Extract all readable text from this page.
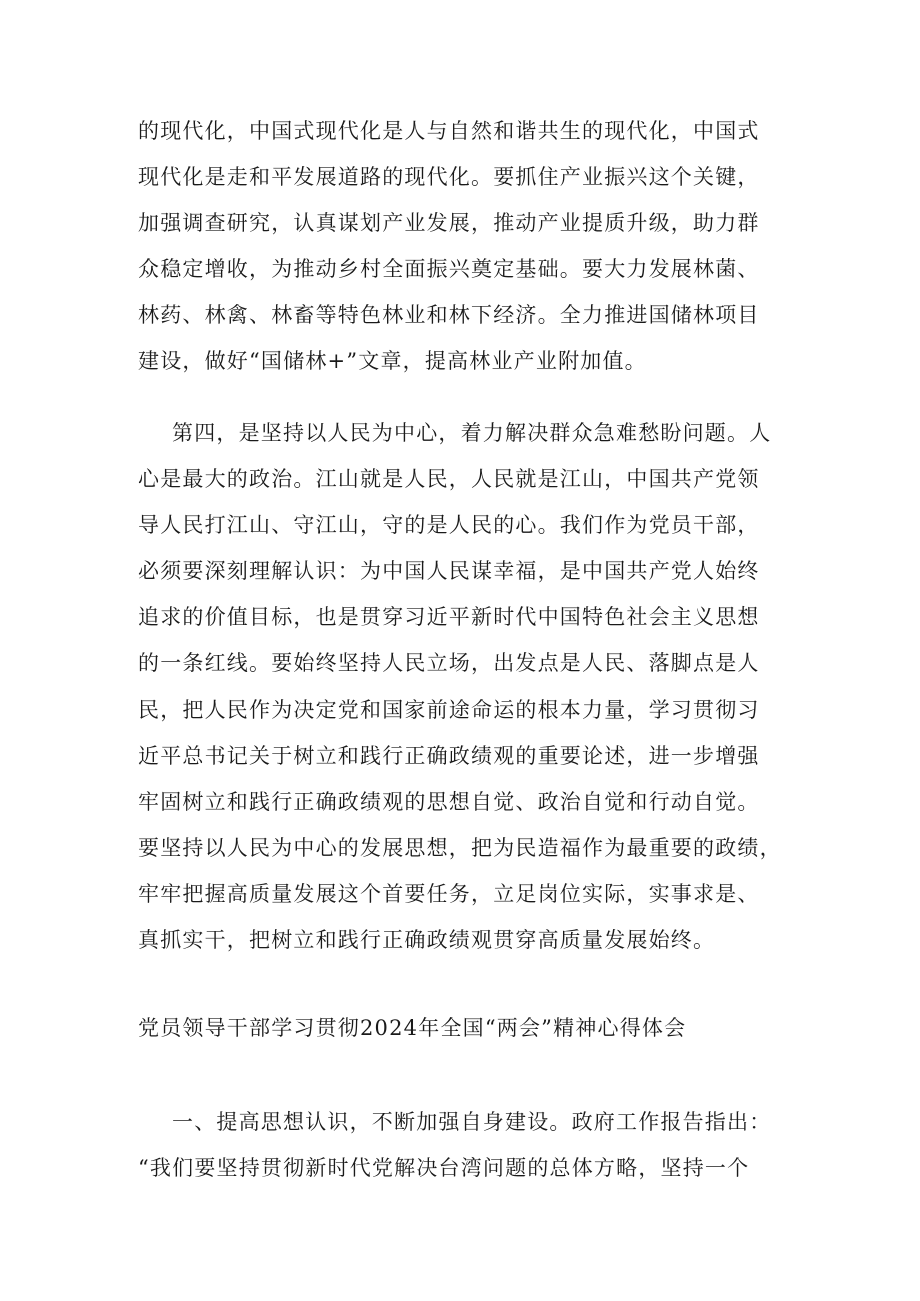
的现代化，中国式现代化是人与自然和谐共生的现代化，中国式
现代化是走和平发展道路的现代化。要抓住产业振兴这个关键，
加强调查研究，认真谋划产业发展，推动产业提质升级，助力群
众稳定增收，为推动乡村全面振兴奠定基础。要大力发展林菌、
林药、林禽、林畜等特色林业和林下经济。全力推进国储林项目
建设，做好“国储林+”文章，提高林业产业附加值。
第四，是坚持以人民为中心，着力解决群众急难愁盼问题。人
心是最大的政治。江山就是人民，人民就是江山，中国共产党领
导人民打江山、守江山，守的是人民的心。我们作为党员干部，
必须要深刻理解认识：为中国人民谋幸福，是中国共产党人始终
追求的价值目标，也是贯穿习近平新时代中国特色社会主义思想
的一条红线。要始终坚持人民立场，出发点是人民、落脚点是人
民，把人民作为决定党和国家前途命运的根本力量，学习贯彻习
近平总书记关于树立和践行正确政绩观的重要论述，进一步增强
牢固树立和践行正确政绩观的思想自觉、政治自觉和行动自觉。
要坚持以人民为中心的发展思想，把为民造福作为最重要的政绩，
牢牢把握高质量发展这个首要任务，立足岗位实际，实事求是、
真抓实干，把树立和践行正确政绩观贯穿高质量发展始终。
党员领导干部学习贯彻2024年全国“两会”精神心得体会
一、提高思想认识，不断加强自身建设。政府工作报告指出：
“我们要坚持贯彻新时代党解决台湾问题的总体方略，坚持一个
